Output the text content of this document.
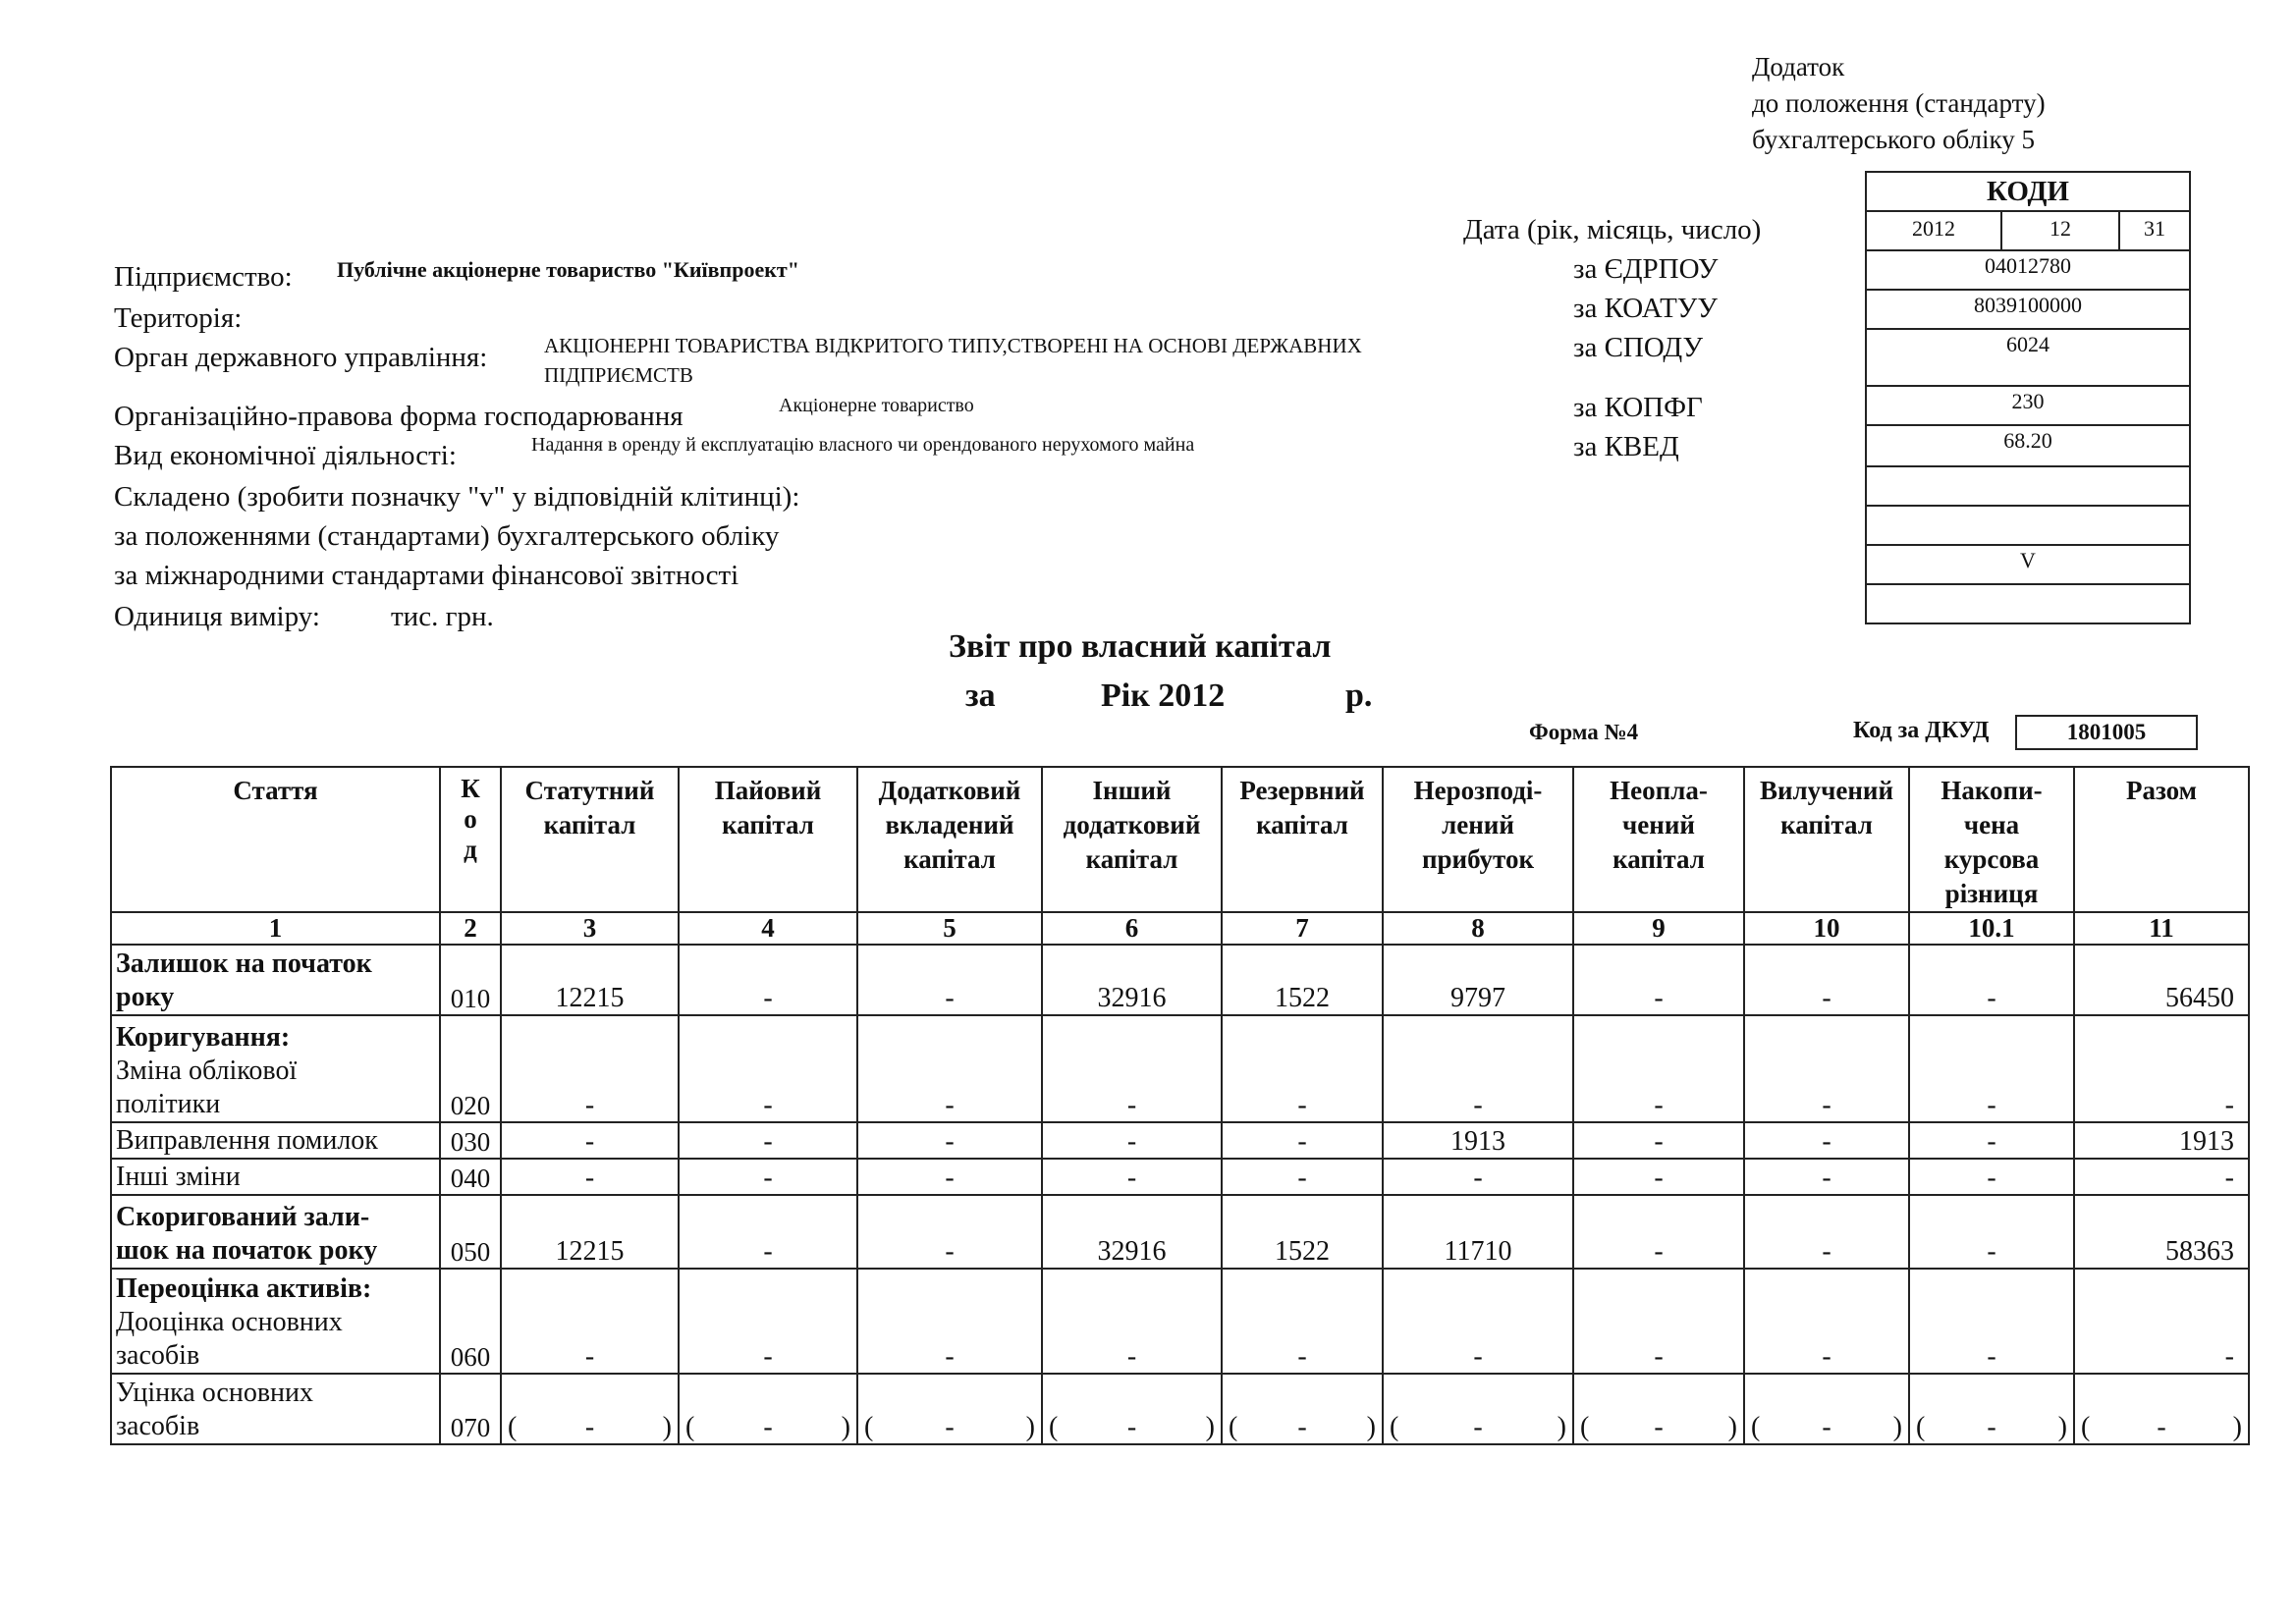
Додаток
до положення (стандарту)
бухгалтерського обліку 5
КОДИ
2012	12	31
04012780
8039100000
6024
230
68.20
V
Дата (рік, місяць, число)
за ЄДРПОУ
за КОАТУУ
за СПОДУ
за КОПФГ
за КВЕД
Підприємство: Публічне акціонерне товариство "Київпроект"
Територія:
Орган державного управління:	АКЦІОНЕРНІ ТОВАРИСТВА ВІДКРИТОГО ТИПУ,СТВОРЕНІ НА ОСНОВІ ДЕРЖАВНИХ
ПІДПРИЄМСТВ
Організаційно-правова форма господарювання	Акціонерне товариство
Вид економічної діяльності:	Надання в оренду й експлуатацію власного чи орендованого нерухомого майна
Складено (зробити позначку "v" у відповідній клітинці):
за положеннями (стандартами) бухгалтерського обліку
за міжнародними стандартами фінансової звітності
Одиниця виміру: тис. грн.
Звіт про власний капітал
за	Рік 2012	р.
Форма №4	Код за ДКУД	1801005
Стаття	К
о
д	Статутний
капітал	Пайовий
капітал	Додатковий
вкладений
капітал	Інший
додатковий
капітал	Резервний
капітал	Нерозподі-
лений
прибуток	Неопла-
чений
капітал	Вилучений
капітал	Накопи-
чена
курсова
різниця	Разом
1	2	3	4	5	6	7	8	9	10	10.1	11
Залишок на початок
року	010	12215	-	-	32916	1522	9797	-	-	-	56450
Коригування:
Зміна облікової
політики	020	-	-	-	-	-	-	-	-	-	-
Виправлення помилок	030	-	-	-	-	-	1913	-	-	-	1913
Інші зміни	040	-	-	-	-	-	-	-	-	-	-
Скоригований зали-
шок на початок року	050	12215	-	-	32916	1522	11710	-	-	-	58363
Переоцінка активів:
Дооцінка основних
засобів	060	-	-	-	-	-	-	-	-	-	-
Уцінка основних
засобів	070	( - )	( - )	( - )	( - )	( - )	( - )	( - )	( - )	( - )	( - )
